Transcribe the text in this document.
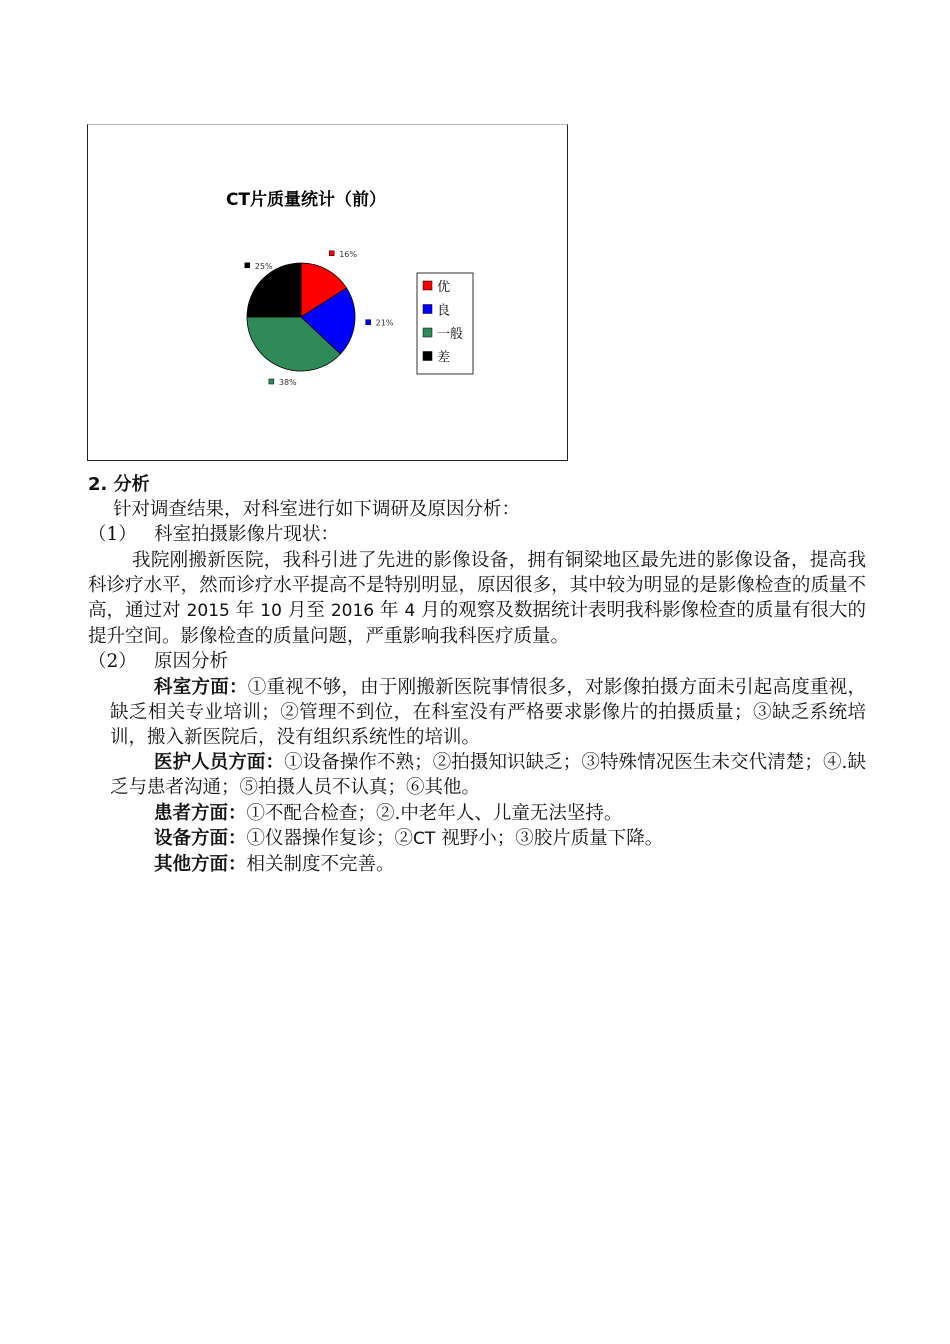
CT片质量统计（前）
16%
21%
38%
25%
优
良
一般
差

2. 分析

针对调查结果，对科室进行如下调研及原因分析：

（1） 科室拍摄影像片现状：

我院刚搬新医院，我科引进了先进的影像设备，拥有铜梁地区最先进的影像设备，提高我科诊疗水平，然而诊疗水平提高不是特别明显，原因很多，其中较为明显的是影像检查的质量不高，通过对 2015 年 10 月至 2016 年 4 月的观察及数据统计表明我科影像检查的质量有很大的提升空间。影像检查的质量问题，严重影响我科医疗质量。

（2） 原因分析

科室方面：①重视不够，由于刚搬新医院事情很多，对影像拍摄方面未引起高度重视，缺乏相关专业培训；②管理不到位，在科室没有严格要求影像片的拍摄质量；③缺乏系统培训，搬入新医院后，没有组织系统性的培训。

医护人员方面：①设备操作不熟；②拍摄知识缺乏；③特殊情况医生未交代清楚；④.缺乏与患者沟通；⑤拍摄人员不认真；⑥其他。

患者方面：①不配合检查；②.中老年人、儿童无法坚持。

设备方面：①仪器操作复诊；②CT 视野小；③胶片质量下降。

其他方面：相关制度不完善。
